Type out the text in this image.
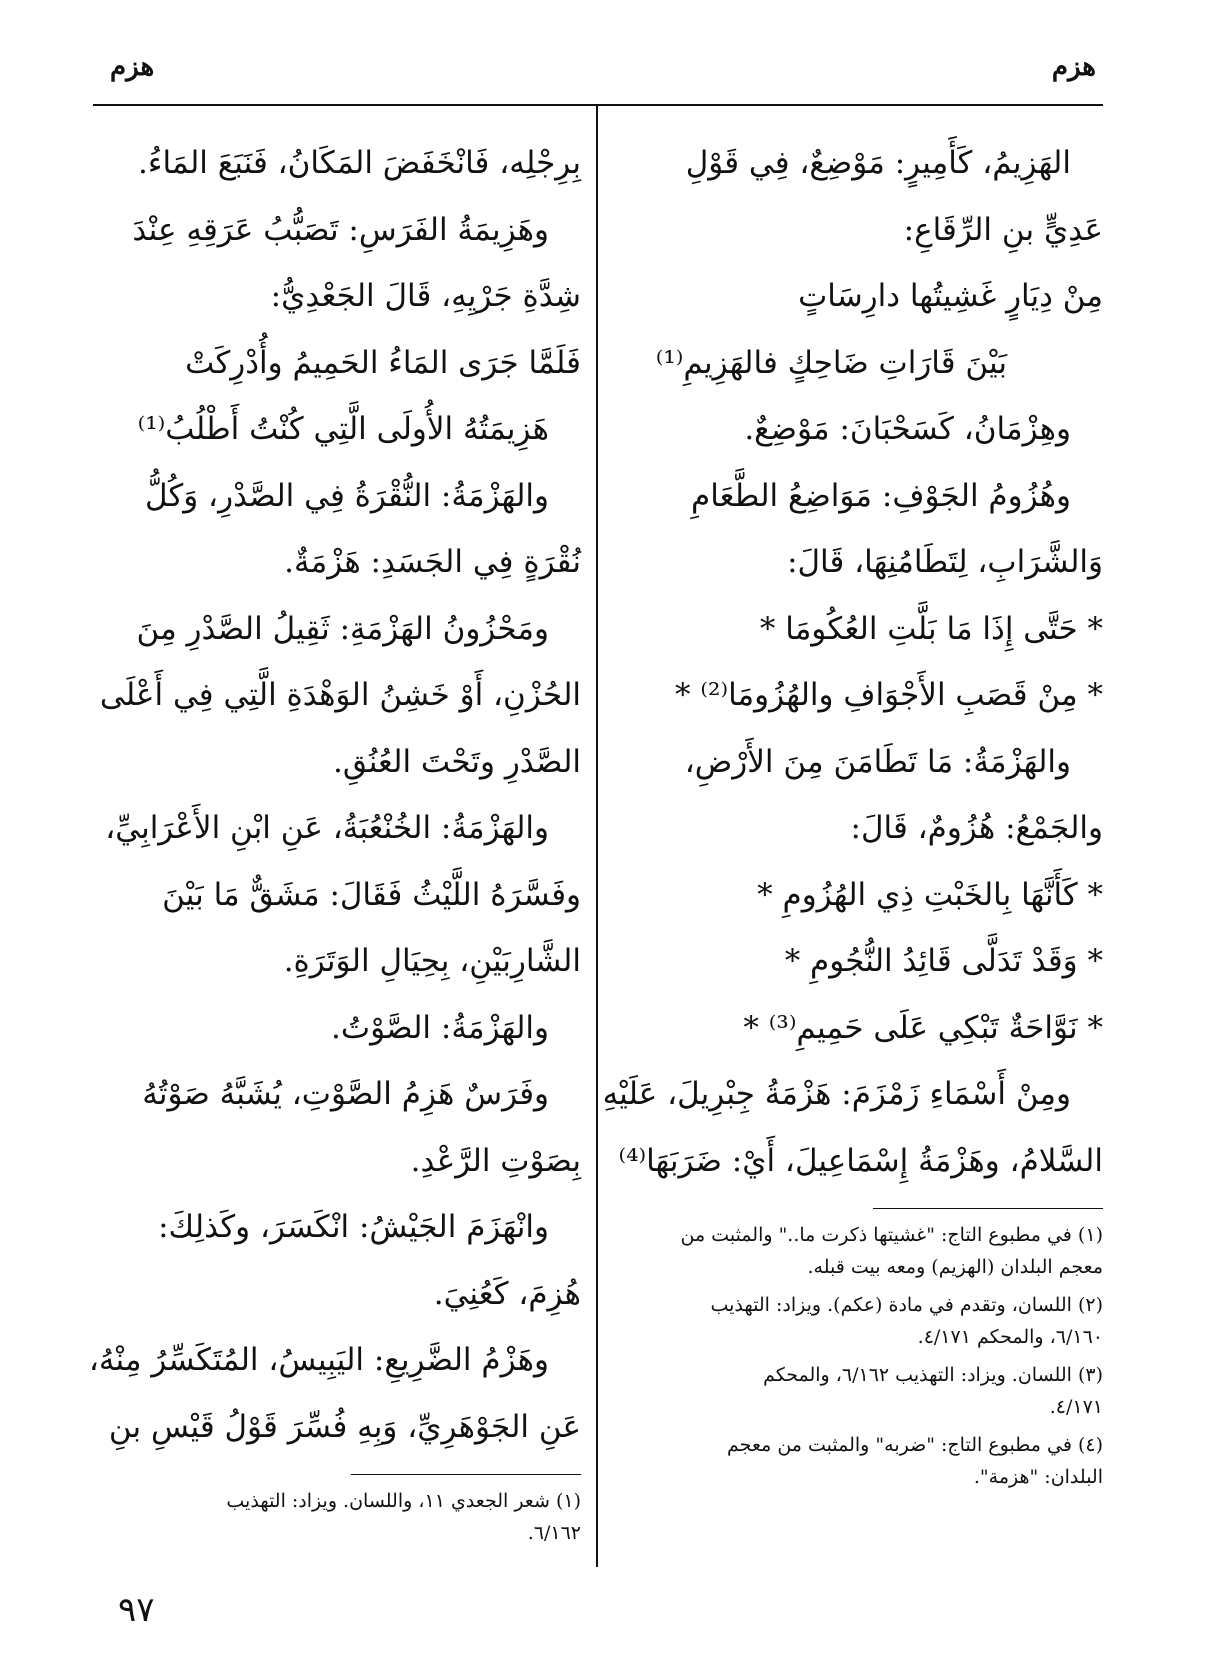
هزم
هزم
الهَزِيمُ، كَأَمِيرٍ: مَوْضِعٌ، فِي قَوْلِ
عَدِيٍّ بنِ الرِّقَاعِ:
مِنْ دِيَارٍ غَشِيتُها دارِسَاتٍ
بَيْنَ قَارَاتِ ضَاحِكٍ فالهَزِيمِ⁽¹⁾
وهِزْمَانُ، كَسَحْبَانَ: مَوْضِعٌ.
وهُزُومُ الجَوْفِ: مَوَاضِعُ الطَّعَامِ
وَالشَّرَابِ، لِتَطَامُنِهَا، قَالَ:
* حَتَّى إِذَا مَا بَلَّتِ العُكُومَا *
* مِنْ قَصَبِ الأَجْوَافِ والهُزُومَا⁽²⁾ *
والهَزْمَةُ: مَا تَطَامَنَ مِنَ الأَرْضِ،
والجَمْعُ: هُزُومٌ، قَالَ:
* كَأَنَّهَا بِالخَبْتِ ذِي الهُزُومِ *
* وَقَدْ تَدَلَّى قَائِدُ النُّجُومِ *
* نَوَّاحَةٌ تَبْكِي عَلَى حَمِيمِ⁽³⁾ *
ومِنْ أَسْمَاءِ زَمْزَمَ: هَزْمَةُ جِبْرِيلَ، عَلَيْهِ
السَّلامُ، وهَزْمَةُ إِسْمَاعِيلَ، أَيْ: ضَرَبَهَا⁽⁴⁾
(١) في مطبوع التاج: "غشيتها ذكرت ما.." والمثبت من
معجم البلدان (الهزيم) ومعه بيت قبله.
(٢) اللسان، وتقدم في مادة (عكم). ويزاد: التهذيب
٦/١٦٠، والمحكم ٤/١٧١.
(٣) اللسان. ويزاد: التهذيب ٦/١٦٢، والمحكم
٤/١٧١.
(٤) في مطبوع التاج: "ضربه" والمثبت من معجم
البلدان: "هزمة".
بِرِجْلِه، فَانْخَفَضَ المَكَانُ، فَنَبَعَ المَاءُ.
وهَزِيمَةُ الفَرَسِ: تَصَبُّبُ عَرَقِهِ عِنْدَ
شِدَّةِ جَرْيِهِ، قَالَ الجَعْدِيُّ:
فَلَمَّا جَرَى المَاءُ الحَمِيمُ وأُدْرِكَتْ
هَزِيمَتُهُ الأُولَى الَّتِي كُنْتُ أَطْلُبُ⁽¹⁾
والهَزْمَةُ: النُّقْرَةُ فِي الصَّدْرِ، وَكُلُّ
نُقْرَةٍ فِي الجَسَدِ: هَزْمَةٌ.
ومَحْزُونُ الهَزْمَةِ: ثَقِيلُ الصَّدْرِ مِنَ
الحُزْنِ، أَوْ خَشِنُ الوَهْدَةِ الَّتِي فِي أَعْلَى
الصَّدْرِ وتَحْتَ العُنُقِ.
والهَزْمَةُ: الخُنْعُبَةُ، عَنِ ابْنِ الأَعْرَابِيِّ،
وفَسَّرَهُ اللَّيْثُ فَقَالَ: مَشَقٌّ مَا بَيْنَ
الشَّارِبَيْنِ، بِحِيَالِ الوَتَرَةِ.
والهَزْمَةُ: الصَّوْتُ.
وفَرَسٌ هَزِمُ الصَّوْتِ، يُشَبَّهُ صَوْتُهُ
بِصَوْتِ الرَّعْدِ.
وانْهَزَمَ الجَيْشُ: انْكَسَرَ، وكَذلِكَ:
هُزِمَ، كَعُنِيَ.
وهَزْمُ الضَّرِيعِ: اليَبِيسُ، المُتَكَسِّرُ مِنْهُ،
عَنِ الجَوْهَرِيِّ، وَبِهِ فُسِّرَ قَوْلُ قَيْسِ بنِ
(١) شعر الجعدي ١١، واللسان. ويزاد: التهذيب
٦/١٦٢.
٩٧
